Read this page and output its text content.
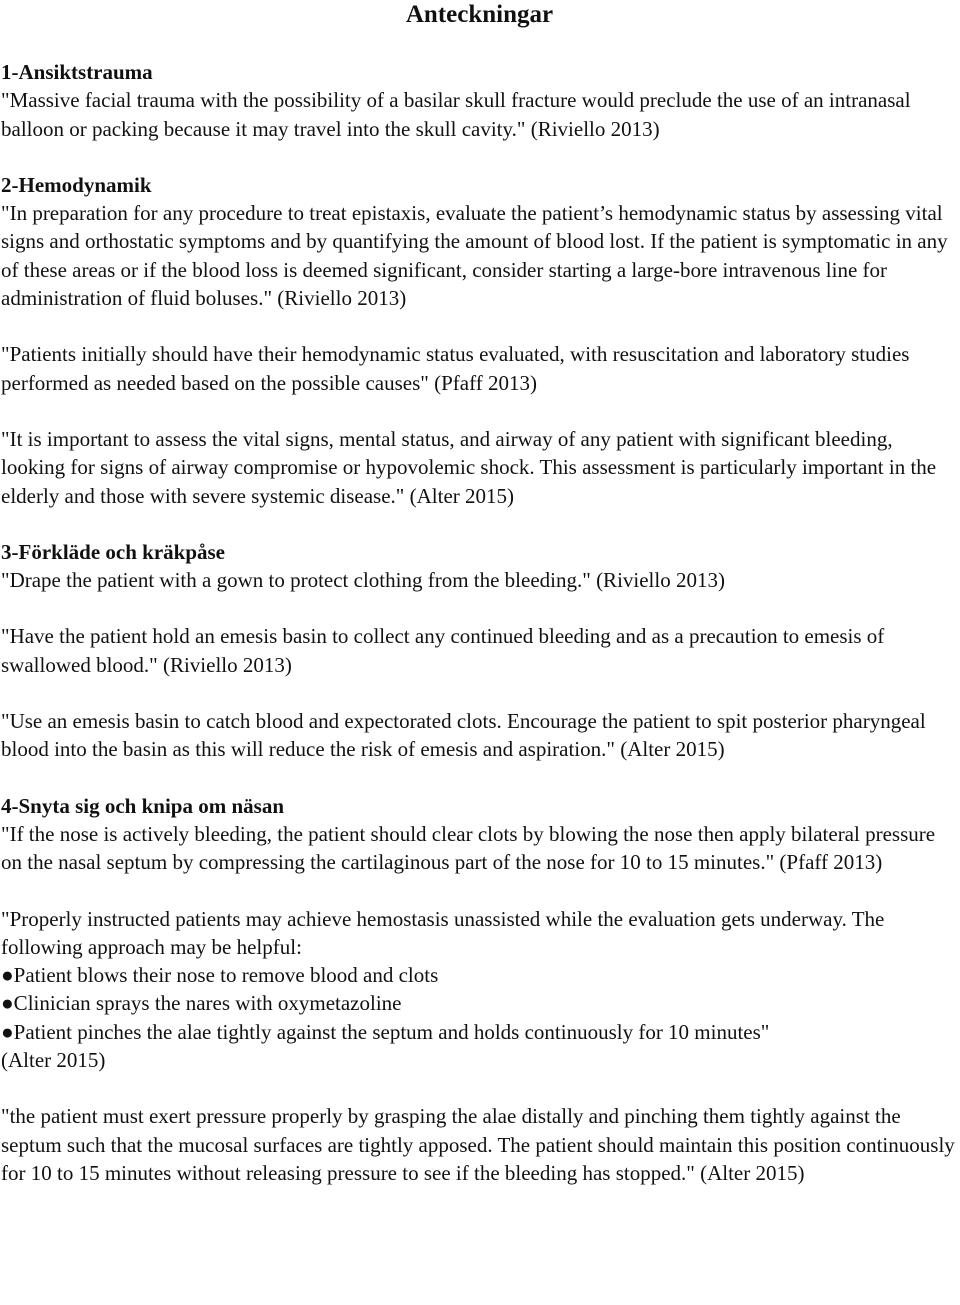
Anteckningar

1-Ansiktstrauma

"Massive facial trauma with the possibility of a basilar skull fracture would preclude the use of an intranasal balloon or packing because it may travel into the skull cavity." (Riviello 2013)

2-Hemodynamik

"In preparation for any procedure to treat epistaxis, evaluate the patient’s hemodynamic status by assessing vital signs and orthostatic symptoms and by quantifying the amount of blood lost. If the patient is symptomatic in any of these areas or if the blood loss is deemed significant, consider starting a large-bore intravenous line for administration of fluid boluses." (Riviello 2013)

"Patients initially should have their hemodynamic status evaluated, with resuscitation and laboratory studies performed as needed based on the possible causes" (Pfaff 2013)

"It is important to assess the vital signs, mental status, and airway of any patient with significant bleeding, looking for signs of airway compromise or hypovolemic shock. This assessment is particularly important in the elderly and those with severe systemic disease." (Alter 2015)

3-Förkläde och kräkpåse

"Drape the patient with a gown to protect clothing from the bleeding." (Riviello 2013)

"Have the patient hold an emesis basin to collect any continued bleeding and as a precaution to emesis of swallowed blood." (Riviello 2013)

"Use an emesis basin to catch blood and expectorated clots. Encourage the patient to spit posterior pharyngeal blood into the basin as this will reduce the risk of emesis and aspiration." (Alter 2015)

4-Snyta sig och knipa om näsan

"If the nose is actively bleeding, the patient should clear clots by blowing the nose then apply bilateral pressure on the nasal septum by compressing the cartilaginous part of the nose for 10 to 15 minutes." (Pfaff 2013)

"Properly instructed patients may achieve hemostasis unassisted while the evaluation gets underway. The following approach may be helpful:

●Patient blows their nose to remove blood and clots

●Clinician sprays the nares with oxymetazoline

●Patient pinches the alae tightly against the septum and holds continuously for 10 minutes"

(Alter 2015)

"the patient must exert pressure properly by grasping the alae distally and pinching them tightly against the septum such that the mucosal surfaces are tightly apposed. The patient should maintain this position continuously for 10 to 15 minutes without releasing pressure to see if the bleeding has stopped." (Alter 2015)
